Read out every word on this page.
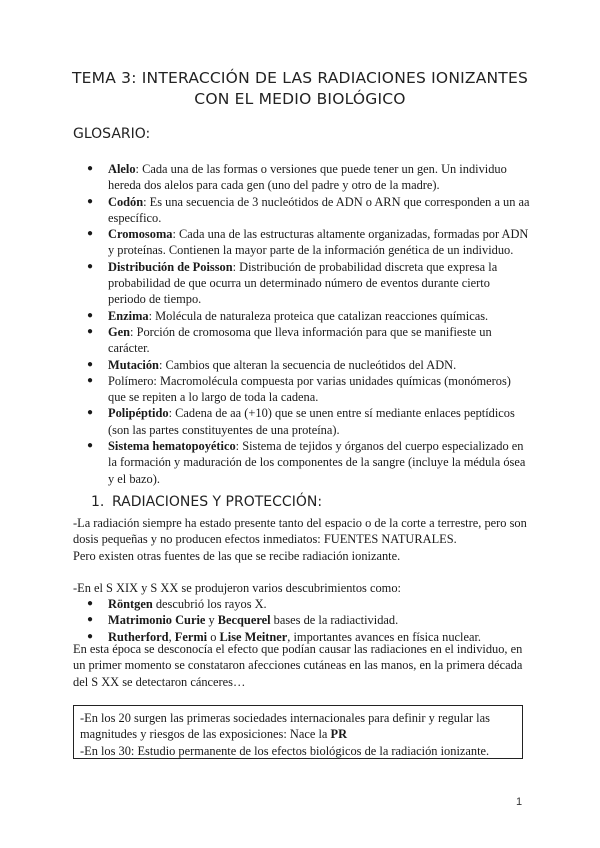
TEMA 3: INTERACCIÓN DE LAS RADIACIONES IONIZANTES
CON EL MEDIO BIOLÓGICO
GLOSARIO:
● Alelo: Cada una de las formas o versiones que puede tener un gen. Un individuo hereda dos alelos para cada gen (uno del padre y otro de la madre).
● Codón: Es una secuencia de 3 nucleótidos de ADN o ARN que corresponden a un aa específico.
● Cromosoma: Cada una de las estructuras altamente organizadas, formadas por ADN y proteínas. Contienen la mayor parte de la información genética de un individuo.
● Distribución de Poisson: Distribución de probabilidad discreta que expresa la probabilidad de que ocurra un determinado número de eventos durante cierto periodo de tiempo.
● Enzima: Molécula de naturaleza proteica que catalizan reacciones químicas.
● Gen: Porción de cromosoma que lleva información para que se manifieste un carácter.
● Mutación: Cambios que alteran la secuencia de nucleótidos del ADN.
● Polímero: Macromolécula compuesta por varias unidades químicas (monómeros) que se repiten a lo largo de toda la cadena.
● Polipéptido: Cadena de aa (+10) que se unen entre sí mediante enlaces peptídicos (son las partes constituyentes de una proteína).
● Sistema hematopoyético: Sistema de tejidos y órganos del cuerpo especializado en la formación y maduración de los componentes de la sangre (incluye la médula ósea y el bazo).
1. RADIACIONES Y PROTECCIÓN:
-La radiación siempre ha estado presente tanto del espacio o de la corte a terrestre, pero son dosis pequeñas y no producen efectos inmediatos: FUENTES NATURALES.
Pero existen otras fuentes de las que se recibe radiación ionizante.
-En el S XIX y S XX se produjeron varios descubrimientos como:
● Röntgen descubrió los rayos X.
● Matrimonio Curie y Becquerel bases de la radiactividad.
● Rutherford, Fermi o Lise Meitner, importantes avances en física nuclear.
En esta época se desconocía el efecto que podían causar las radiaciones en el individuo, en un primer momento se constataron afecciones cutáneas en las manos, en la primera década del S XX se detectaron cánceres…
-En los 20 surgen las primeras sociedades internacionales para definir y regular las magnitudes y riesgos de las exposiciones: Nace la PR
-En los 30: Estudio permanente de los efectos biológicos de la radiación ionizante.
1
